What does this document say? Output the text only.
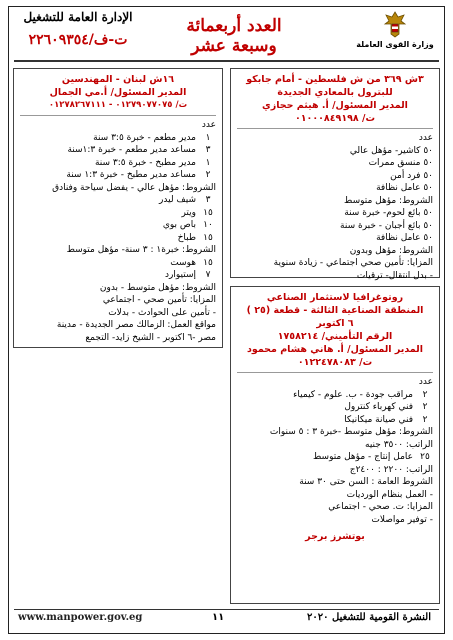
وزارة القوى العاملة
العدد أربعمائة وسبعة عشر
الإدارة العامة للتشغيل
ت-ف/٢٢٦٠٩٣٥٤
٣ش ٣٦٩ من ش فلسطين - أمام جابكو
للبترول بالمعادي الجديدة
المدير المسئول/ أ. هيثم حجازي
ت/ ٠١٠٠٠٨٤٩١٩٨
عدد
٥٠ كاشير- مؤهل عالي
٥٠ منسق ممرات
٥٠ فرد أمن
٥٠ عامل نظافة
الشروط: مؤهل متوسط
٥٠ بائع لحوم- خبرة سنة
٥٠ بائع أجبان - خبرة سنة
٥٠ عامل نظافة
الشروط: مؤهل وبدون
المزايا: تأمين صحي اجتماعي - زيادة سنوية
- بدل انتقال- ترقيات
روتوغرافيا لاستثمار الصناعي
المنطقة الصناعية الثالثة - قطعة (٢٥ )
٦ اكتوبر
الرقم التأميني/ ١٧٥٨٢١٤
المدير المسئول/ أ. هاني هشام محمود
ت/ ٠١٢٢٤٧٨٠٨٣
عدد
٢
مراقب جودة - ب. علوم - كيمياء
٢
فني كهرباء كنترول
٢
فني صيانة ميكانيكا
الشروط: مؤهل متوسط -خبرة ٣ : ٥ سنوات
الراتب: ٣٥٠٠ جنيه
٢٥
عامل إنتاج - مؤهل متوسط
الراتب: ٢٢٠٠ : ٢٤٠٠ج
الشروط العامة : السن حتى ٣٠ سنة
- العمل بنظام الورديات
المزايا: ت. صحي - اجتماعي
- توفير مواصلات
بوتشرز برجر
١٦ش لبنان - المهندسين
المدير المسئول/ أ.مي الجمال
ت/ ٠١٢٧٩٠٧٧٠٧٥ - ٠١٢٧٨٢٦٧١١١
عدد
١
مدير مطعم - خبرة ٣:٥ سنة
٣
مساعد مدير مطعم - خبرة ١:٣سنة
١
مدير مطبخ - خبرة ٣:٥ سنة
٢
مساعد مدير مطبخ - خبرة ١:٣ سنة
الشروط: مؤهل عالي - يفضل سياحة وفنادق
٣
شيف ليدر
١٥
ويتر
١٠
باص بوي
١٥
طباخ
الشروط: خبرة١ : ٣ سنة- مؤهل متوسط
١٥
هوست
٧
إستيوارد
الشروط: مؤهل متوسط - بدون
المزايا: تأمين صحي - اجتماعي
- تأمين على الحوادث - بدلات
مواقع العمل: الزمالك مصر الجديدة - مدينة
مصر -٦ اكتوبر - الشيخ زايد- التجمع
www.manpower.gov.eg	١١	النشرة القومية للتشغيل ٢٠٢٠
